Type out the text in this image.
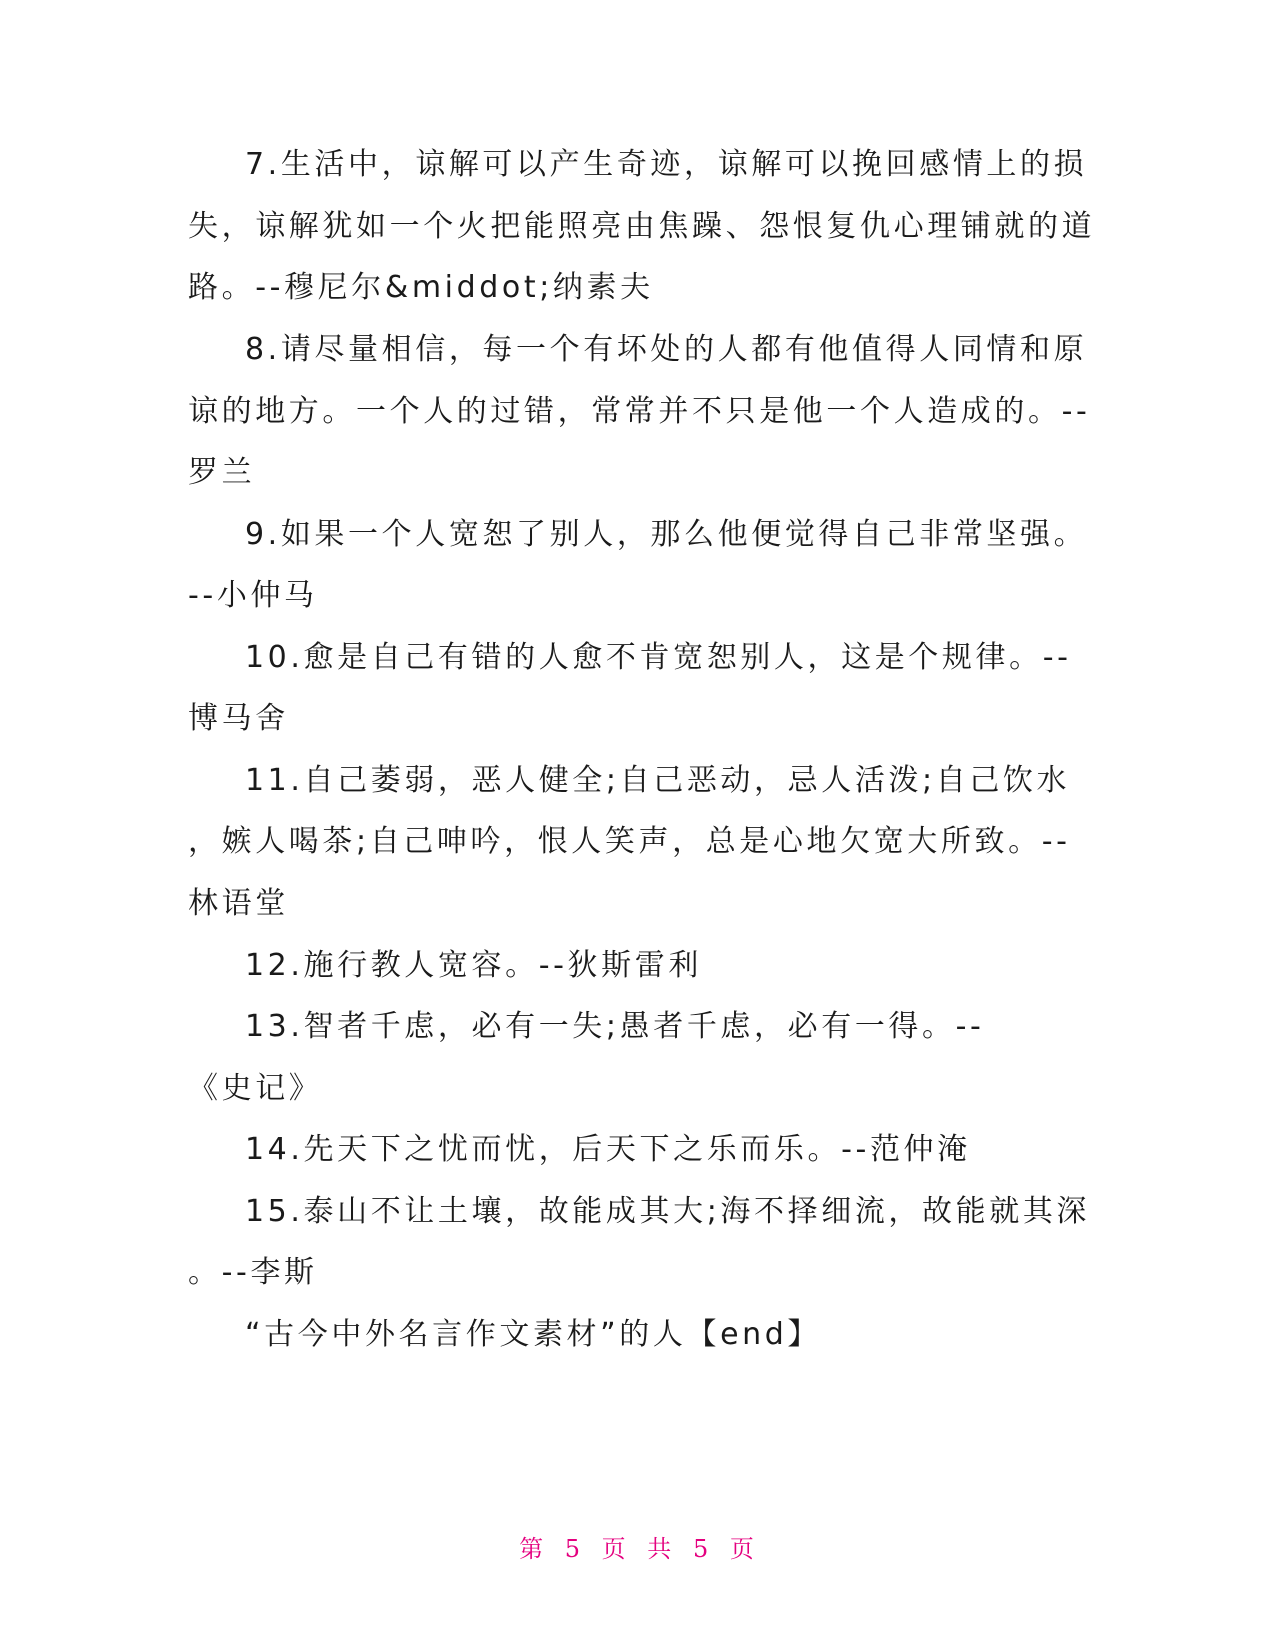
7.生活中，谅解可以产生奇迹，谅解可以挽回感情上的损
失，谅解犹如一个火把能照亮由焦躁、怨恨复仇心理铺就的道
路。--穆尼尔&middot;纳素夫
8.请尽量相信，每一个有坏处的人都有他值得人同情和原
谅的地方。一个人的过错，常常并不只是他一个人造成的。--
罗兰
9.如果一个人宽恕了别人，那么他便觉得自己非常坚强。
--小仲马
10.愈是自己有错的人愈不肯宽恕别人，这是个规律。--
博马舍
11.自己萎弱，恶人健全;自己恶动，忌人活泼;自己饮水
，嫉人喝茶;自己呻吟，恨人笑声，总是心地欠宽大所致。--
林语堂
12.施行教人宽容。--狄斯雷利
13.智者千虑，必有一失;愚者千虑，必有一得。--
《史记》
14.先天下之忧而忧，后天下之乐而乐。--范仲淹
15.泰山不让土壤，故能成其大;海不择细流，故能就其深
。--李斯
“古今中外名言作文素材”的人【end】
第 5 页 共 5 页
